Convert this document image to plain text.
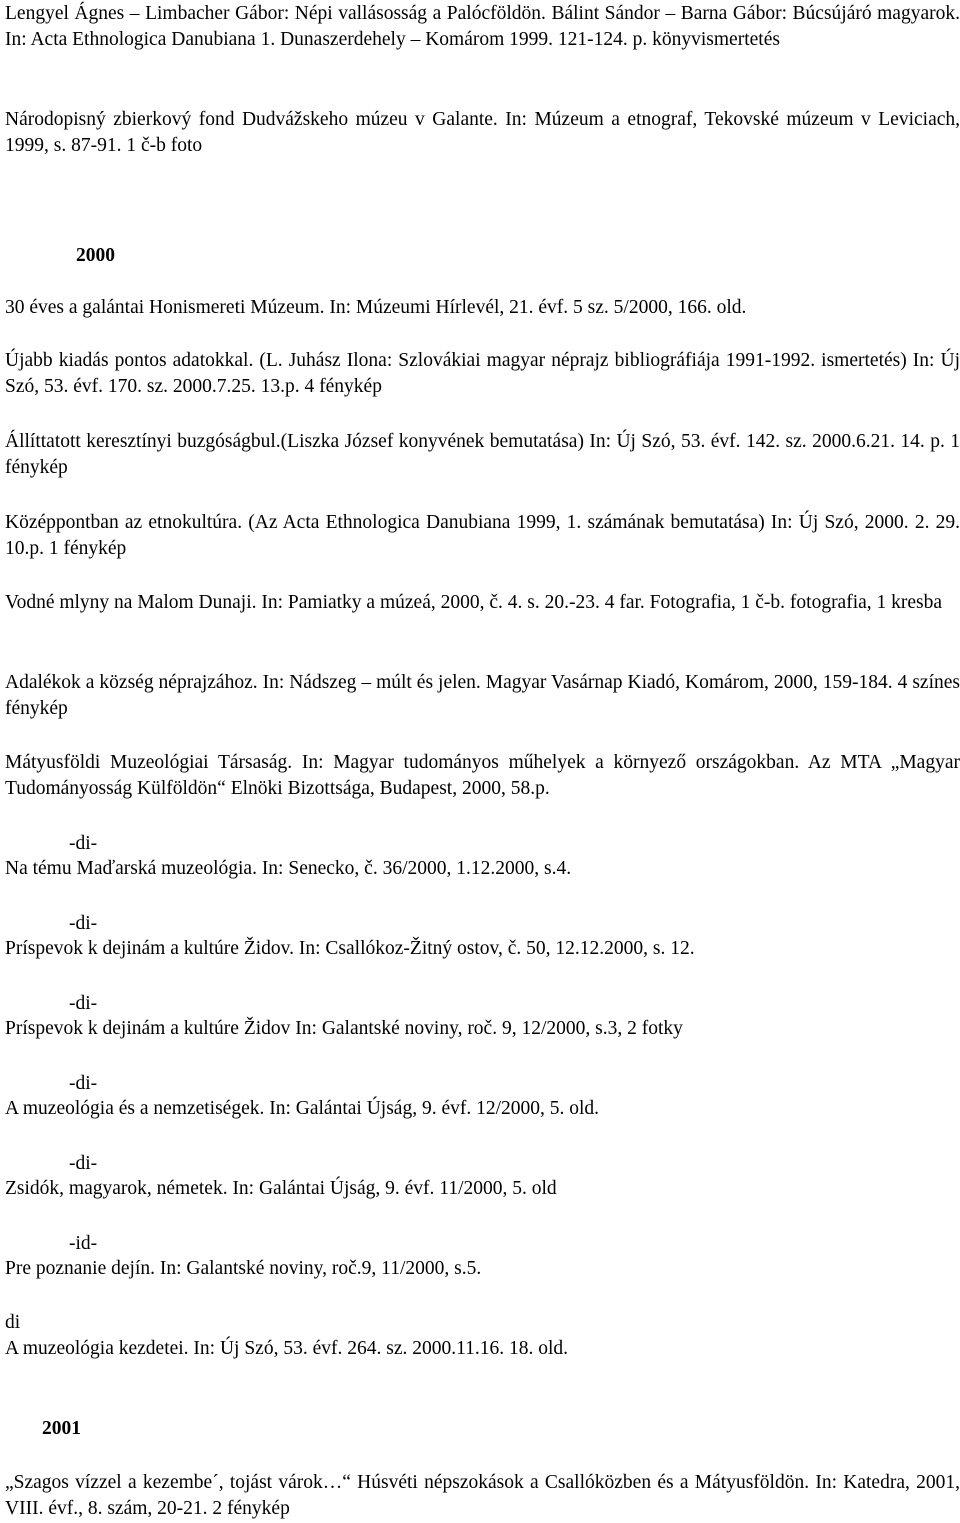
Lengyel Ágnes – Limbacher Gábor: Népi vallásosság a Palócföldön. Bálint Sándor – Barna Gábor: Búcsújáró magyarok. In: Acta Ethnologica Danubiana 1. Dunaszerdehely – Komárom 1999. 121-124. p. könyvismertetés

Národopisný zbierkový fond Dudvážskeho múzeu v Galante. In: Múzeum a etnograf, Tekovské múzeum v Leviciach, 1999, s. 87-91. 1 č-b foto

2000

30 éves a galántai Honismereti Múzeum. In: Múzeumi Hírlevél, 21. évf. 5 sz. 5/2000, 166. old.

Újabb kiadás pontos adatokkal. (L. Juhász Ilona: Szlovákiai magyar néprajz bibliográfiája 1991-1992. ismertetés) In: Új Szó, 53. évf. 170. sz. 2000.7.25. 13.p. 4 fénykép

Állíttatott keresztínyi buzgóságbul.(Liszka József konyvének bemutatása) In: Új Szó, 53. évf. 142. sz. 2000.6.21. 14. p. 1 fénykép

Középpontban az etnokultúra. (Az Acta Ethnologica Danubiana 1999, 1. számának bemutatása) In: Új Szó, 2000. 2. 29. 10.p. 1 fénykép

Vodné mlyny na Malom Dunaji. In: Pamiatky a múzeá, 2000, č. 4. s. 20.-23. 4 far. Fotografia, 1 č-b. fotografia, 1 kresba

Adalékok a község néprajzához. In: Nádszeg – múlt és jelen. Magyar Vasárnap Kiadó, Komárom, 2000, 159-184. 4 színes fénykép

Mátyusföldi Muzeológiai Társaság. In: Magyar tudományos műhelyek a környező országokban. Az MTA „Magyar Tudományosság Külföldön“ Elnöki Bizottsága, Budapest, 2000, 58.p.

-di-

Na tému Maďarská muzeológia. In: Senecko, č. 36/2000, 1.12.2000, s.4.

-di-

Príspevok k dejinám a kultúre Židov. In: Csallókoz-Žitný ostov, č. 50, 12.12.2000, s. 12.

-di-

Príspevok k dejinám a kultúre Židov In: Galantské noviny, roč. 9, 12/2000, s.3, 2 fotky

-di-

A muzeológia és a nemzetiségek. In: Galántai Újság, 9. évf. 12/2000, 5. old.

-di-

Zsidók, magyarok, németek. In: Galántai Újság, 9. évf. 11/2000, 5. old

-id-

Pre poznanie dejín. In: Galantské noviny, roč.9, 11/2000, s.5.

di

A muzeológia kezdetei. In: Új Szó, 53. évf. 264. sz. 2000.11.16. 18. old.

2001

„Szagos vízzel a kezembe´, tojást várok…“ Húsvéti népszokások a Csallóközben és a Mátyusföldön. In: Katedra, 2001, VIII. évf., 8. szám, 20-21. 2 fénykép
